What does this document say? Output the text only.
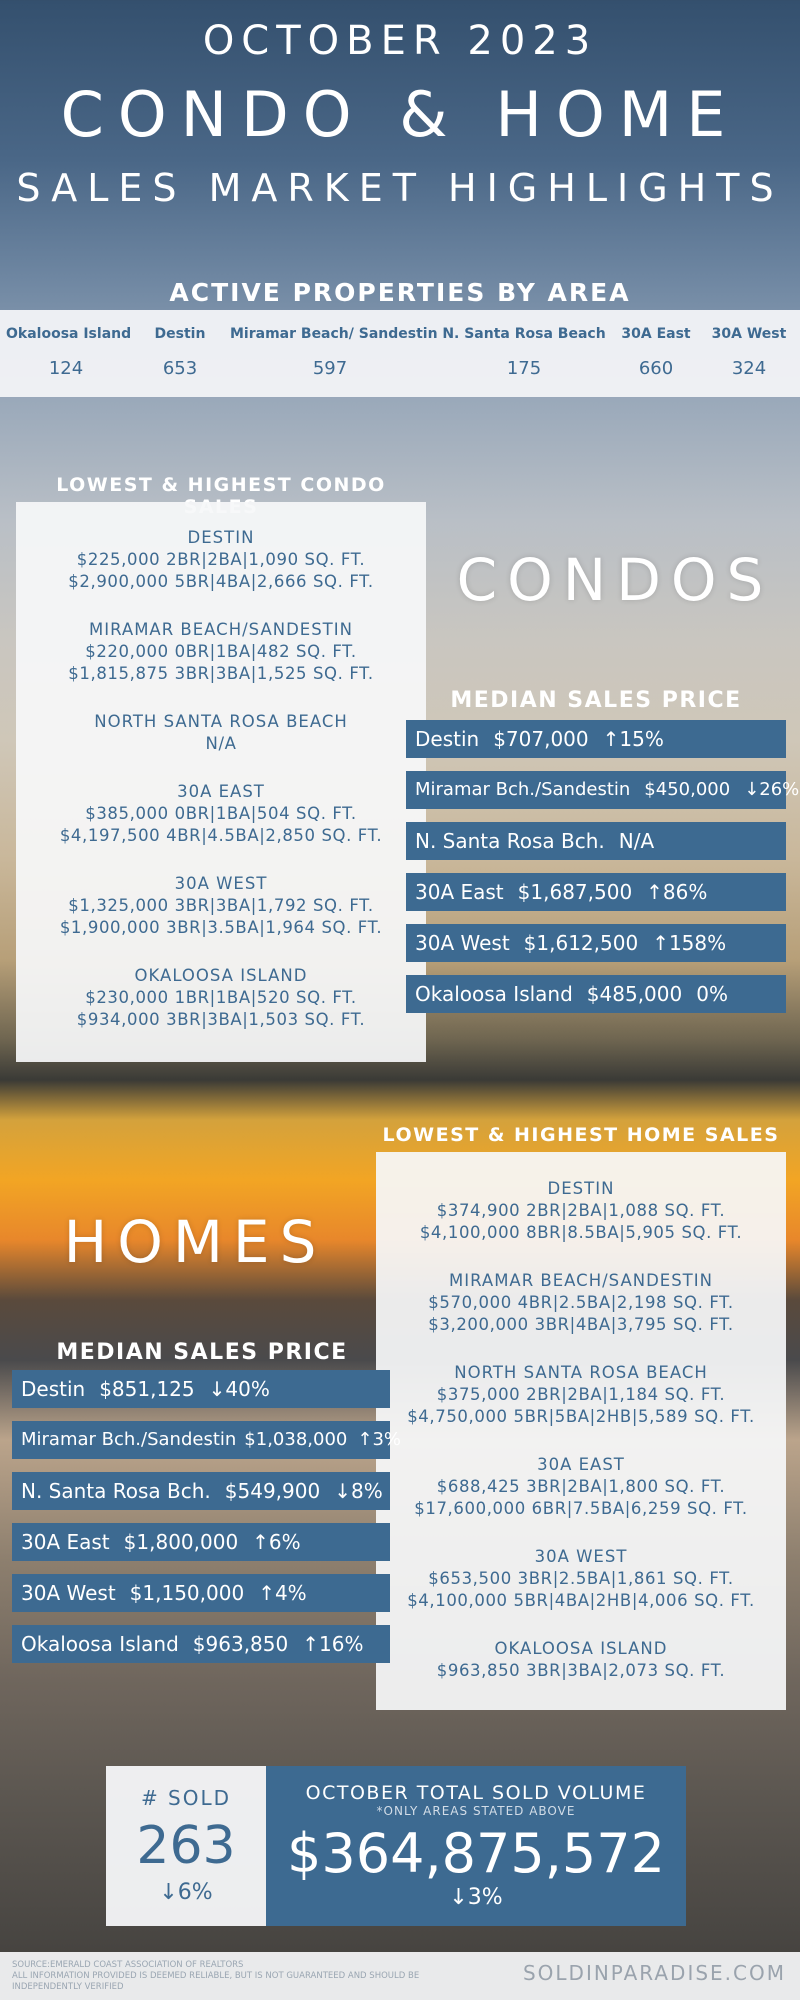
OCTOBER 2023
CONDO & HOME
SALES MARKET HIGHLIGHTS
ACTIVE PROPERTIES BY AREA
Okaloosa Island
124
Destin
653
Miramar Beach/ Sandestin
597
N. Santa Rosa Beach
175
30A East
660
30A West
324
LOWEST & HIGHEST CONDO
DESTIN
$225,000 2BR|2BA|1,090 SQ. FT.
$2,900,000 5BR|4BA|2,666 SQ. FT.
MIRAMAR BEACH/SANDESTIN
$220,000 0BR|1BA|482 SQ. FT.
$1,815,875 3BR|3BA|1,525 SQ. FT.
NORTH SANTA ROSA BEACH
N/A
30A EAST
$385,000 0BR|1BA|504 SQ. FT.
$4,197,500 4BR|4.5BA|2,850 SQ. FT.
30A WEST
$1,325,000 3BR|3BA|1,792 SQ. FT.
$1,900,000 3BR|3.5BA|1,964 SQ. FT.
OKALOOSA ISLAND
$230,000 1BR|1BA|520 SQ. FT.
$934,000 3BR|3BA|1,503 SQ. FT.
CONDOS
MEDIAN SALES PRICE
Destin $707,000 ↑15%
Miramar Bch./Sandestin $450,000 ↓26%
N. Santa Rosa Bch. N/A
30A East $1,687,500 ↑86%
30A West $1,612,500 ↑158%
Okaloosa Island $485,000 0%
LOWEST & HIGHEST HOME SALES
DESTIN
$374,900 2BR|2BA|1,088 SQ. FT.
$4,100,000 8BR|8.5BA|5,905 SQ. FT.
MIRAMAR BEACH/SANDESTIN
$570,000 4BR|2.5BA|2,198 SQ. FT.
$3,200,000 3BR|4BA|3,795 SQ. FT.
NORTH SANTA ROSA BEACH
$375,000 2BR|2BA|1,184 SQ. FT.
$4,750,000 5BR|5BA|2HB|5,589 SQ. FT.
30A EAST
$688,425 3BR|2BA|1,800 SQ. FT.
$17,600,000 6BR|7.5BA|6,259 SQ. FT.
30A WEST
$653,500 3BR|2.5BA|1,861 SQ. FT.
$4,100,000 5BR|4BA|2HB|4,006 SQ. FT.
OKALOOSA ISLAND
$963,850 3BR|3BA|2,073 SQ. FT.
HOMES
MEDIAN SALES PRICE
Destin $851,125 ↓40%
Miramar Bch./Sandestin $1,038,000 ↑3%
N. Santa Rosa Bch. $549,900 ↓8%
30A East $1,800,000 ↑6%
30A West $1,150,000 ↑4%
Okaloosa Island $963,850 ↑16%
# SOLD
263
↓6%
OCTOBER TOTAL SOLD VOLUME
*ONLY AREAS STATED ABOVE
$364,875,572
↓3%
SOURCE:EMERALD COAST ASSOCIATION OF REALTORS
ALL INFORMATION PROVIDED IS DEEMED RELIABLE, BUT IS NOT GUARANTEED AND SHOULD BE INDEPENDENTLY VERIFIED
SOLDINPARADISE.COM
